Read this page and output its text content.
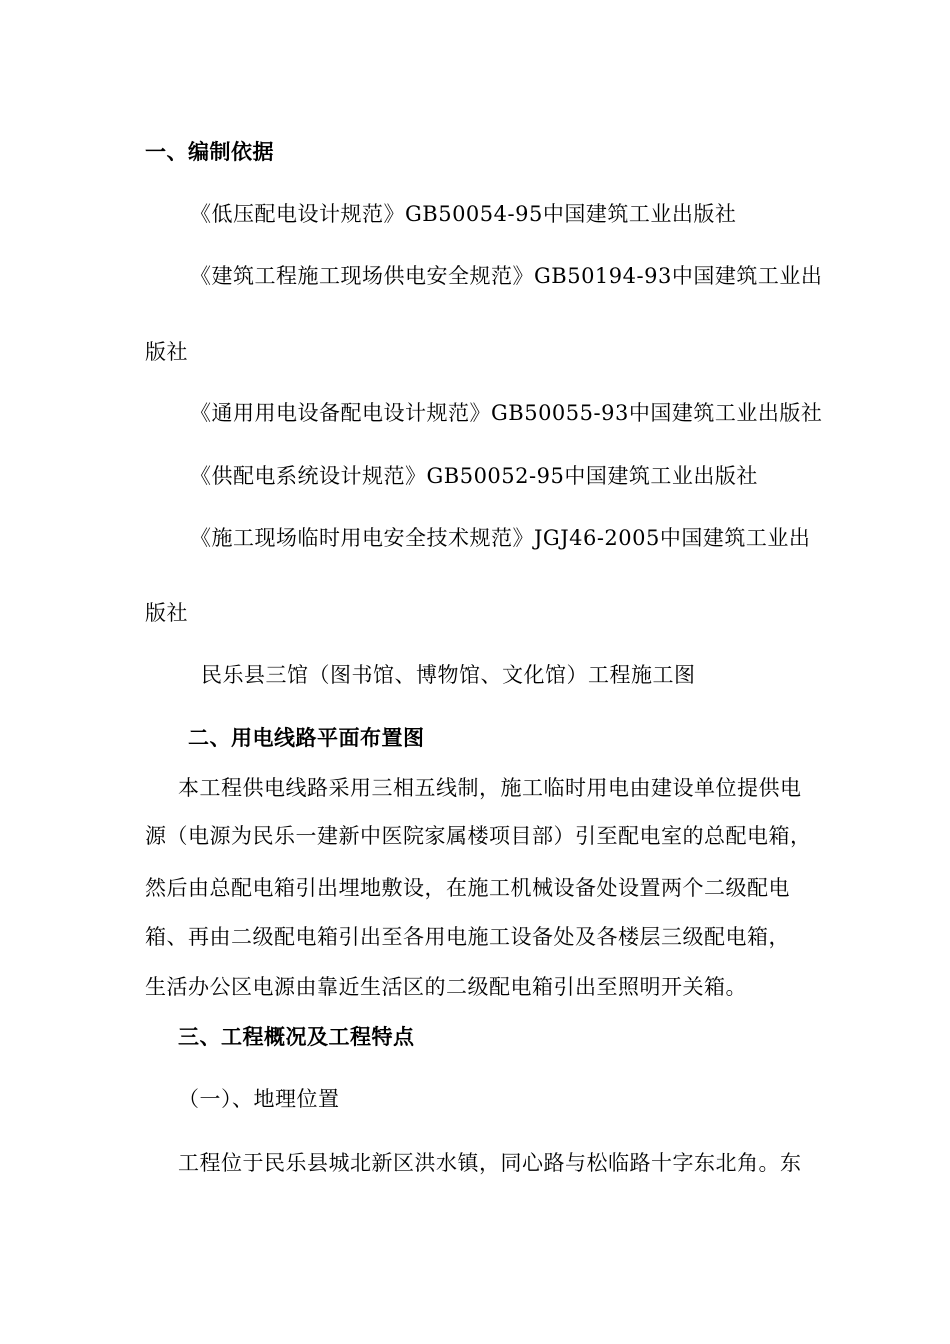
一、编制依据
《低压配电设计规范》GB50054-95中国建筑工业出版社
《建筑工程施工现场供电安全规范》GB50194-93中国建筑工业出
版社
《通用用电设备配电设计规范》GB50055-93中国建筑工业出版社
《供配电系统设计规范》GB50052-95中国建筑工业出版社
《施工现场临时用电安全技术规范》JGJ46-2005中国建筑工业出
版社
民乐县三馆（图书馆、博物馆、文化馆）工程施工图
二、用电线路平面布置图
本工程供电线路采用三相五线制，施工临时用电由建设单位提供电
源（电源为民乐一建新中医院家属楼项目部）引至配电室的总配电箱，
然后由总配电箱引出埋地敷设，在施工机械设备处设置两个二级配电
箱、再由二级配电箱引出至各用电施工设备处及各楼层三级配电箱，
生活办公区电源由靠近生活区的二级配电箱引出至照明开关箱。
三、工程概况及工程特点
（一）、地理位置
工程位于民乐县城北新区洪水镇，同心路与松临路十字东北角。东
